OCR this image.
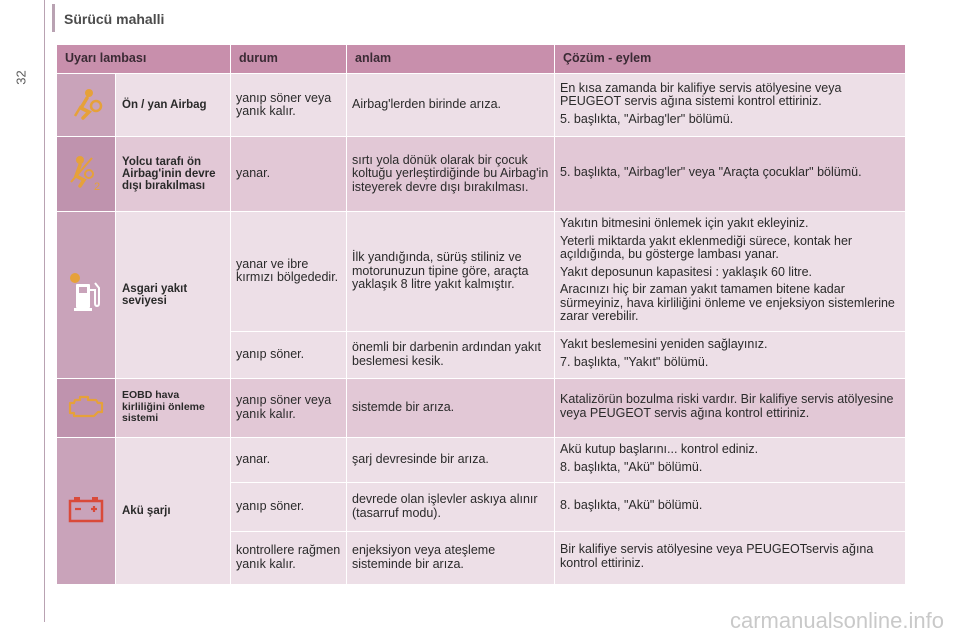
32
Sürücü mahalli
Uyarı lambası		durum	anlam	Çözüm - eylem
	Ön / yan Airbag	yanıp söner veya yanık kalır.	Airbag'lerden birinde arıza.	En kısa zamanda bir kalifiye servis atölyesine veya PEUGEOT servis ağına sistemi kontrol ettiriniz.

5. başlıkta, "Airbag'ler" bölümü.

2	Yolcu tarafı ön Airbag'inin devre dışı bırakılması	yanar.	sırtı yola dönük olarak bir çocuk koltuğu yerleştirdiğinde bu Airbag'in isteyerek devre dışı bırakılması.	5. başlıkta, "Airbag'ler" veya "Araçta çocuklar" bölümü.

	Asgari yakıt seviyesi	yanar ve ibre kırmızı bölgededir.	İlk yandığında, sürüş stiliniz ve motorunuzun tipine göre, araçta yaklaşık 8 litre yakıt kalmıştır.	Yakıtın bitmesini önlemek için yakıt ekleyiniz.

Yeterli miktarda yakıt eklenmediği sürece, kontak her açıldığında, bu gösterge lambası yanar.

Yakıt deposunun kapasitesi : yaklaşık 60 litre.

Aracınızı hiç bir zaman yakıt tamamen bitene kadar sürmeyiniz, hava kirliliğini önleme ve enjeksiyon sistemlerine zarar verebilir.

		yanıp söner.	önemli bir darbenin ardından yakıt beslemesi kesik.	Yakıt beslemesini yeniden sağlayınız.

7. başlıkta, "Yakıt" bölümü.

	EOBD hava kirliliğini önleme sistemi	yanıp söner veya yanık kalır.	sistemde bir arıza.	Katalizörün bozulma riski vardır. Bir kalifiye servis atölyesine veya PEUGEOT servis ağına kontrol ettiriniz.

	Akü şarjı	yanar.	şarj devresinde bir arıza.	Akü kutup başlarını... kontrol ediniz.

8. başlıkta, "Akü" bölümü.

		yanıp söner.	devrede olan işlevler askıya alınır (tasarruf modu).	8. başlıkta, "Akü" bölümü.

		kontrollere rağmen yanık kalır.	enjeksiyon veya ateşleme sisteminde bir arıza.	Bir kalifiye servis atölyesine veya PEUGEOTservis ağına kontrol ettiriniz.

carmanualsonline.info
